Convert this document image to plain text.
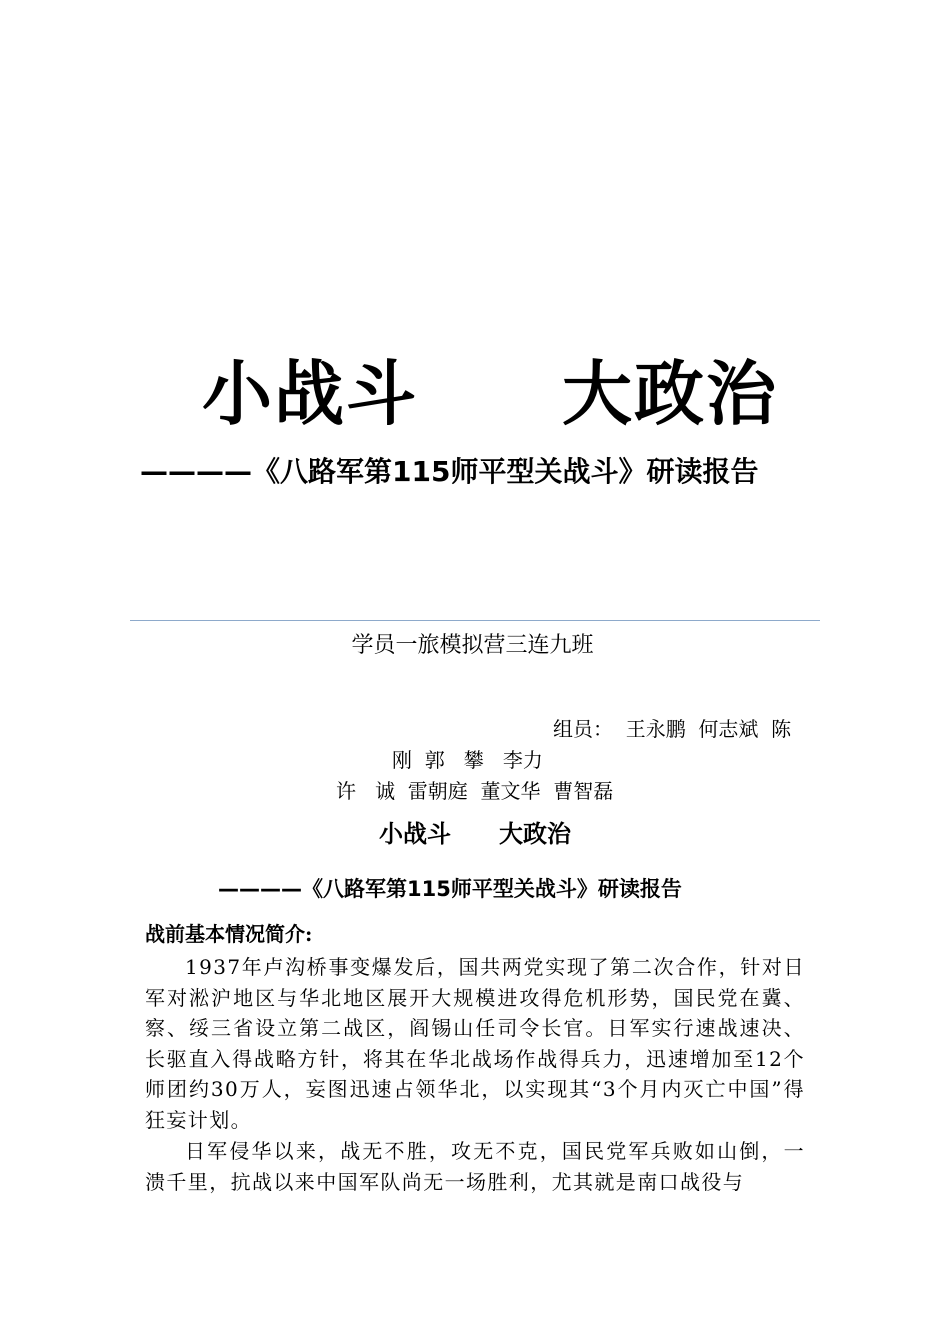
小战斗　　大政治
————《八路军第115师平型关战斗》研读报告
学员一旅模拟营三连九班
组员：  王永鹏  何志斌  陈
刚  郭   攀   李力
许   诚  雷朝庭  董文华  曹智磊
小战斗　　大政治
————《八路军第115师平型关战斗》研读报告
战前基本情况简介:

1937年卢沟桥事变爆发后，国共两党实现了第二次合作，针对日军对淞沪地区与华北地区展开大规模进攻得危机形势，国民党在冀、察、绥三省设立第二战区，阎锡山任司令长官。日军实行速战速决、长驱直入得战略方针，将其在华北战场作战得兵力，迅速增加至12个师团约30万人，妄图迅速占领华北，以实现其“3个月内灭亡中国”得狂妄计划。

日军侵华以来，战无不胜，攻无不克，国民党军兵败如山倒，一溃千里，抗战以来中国军队尚无一场胜利，尤其就是南口战役与
